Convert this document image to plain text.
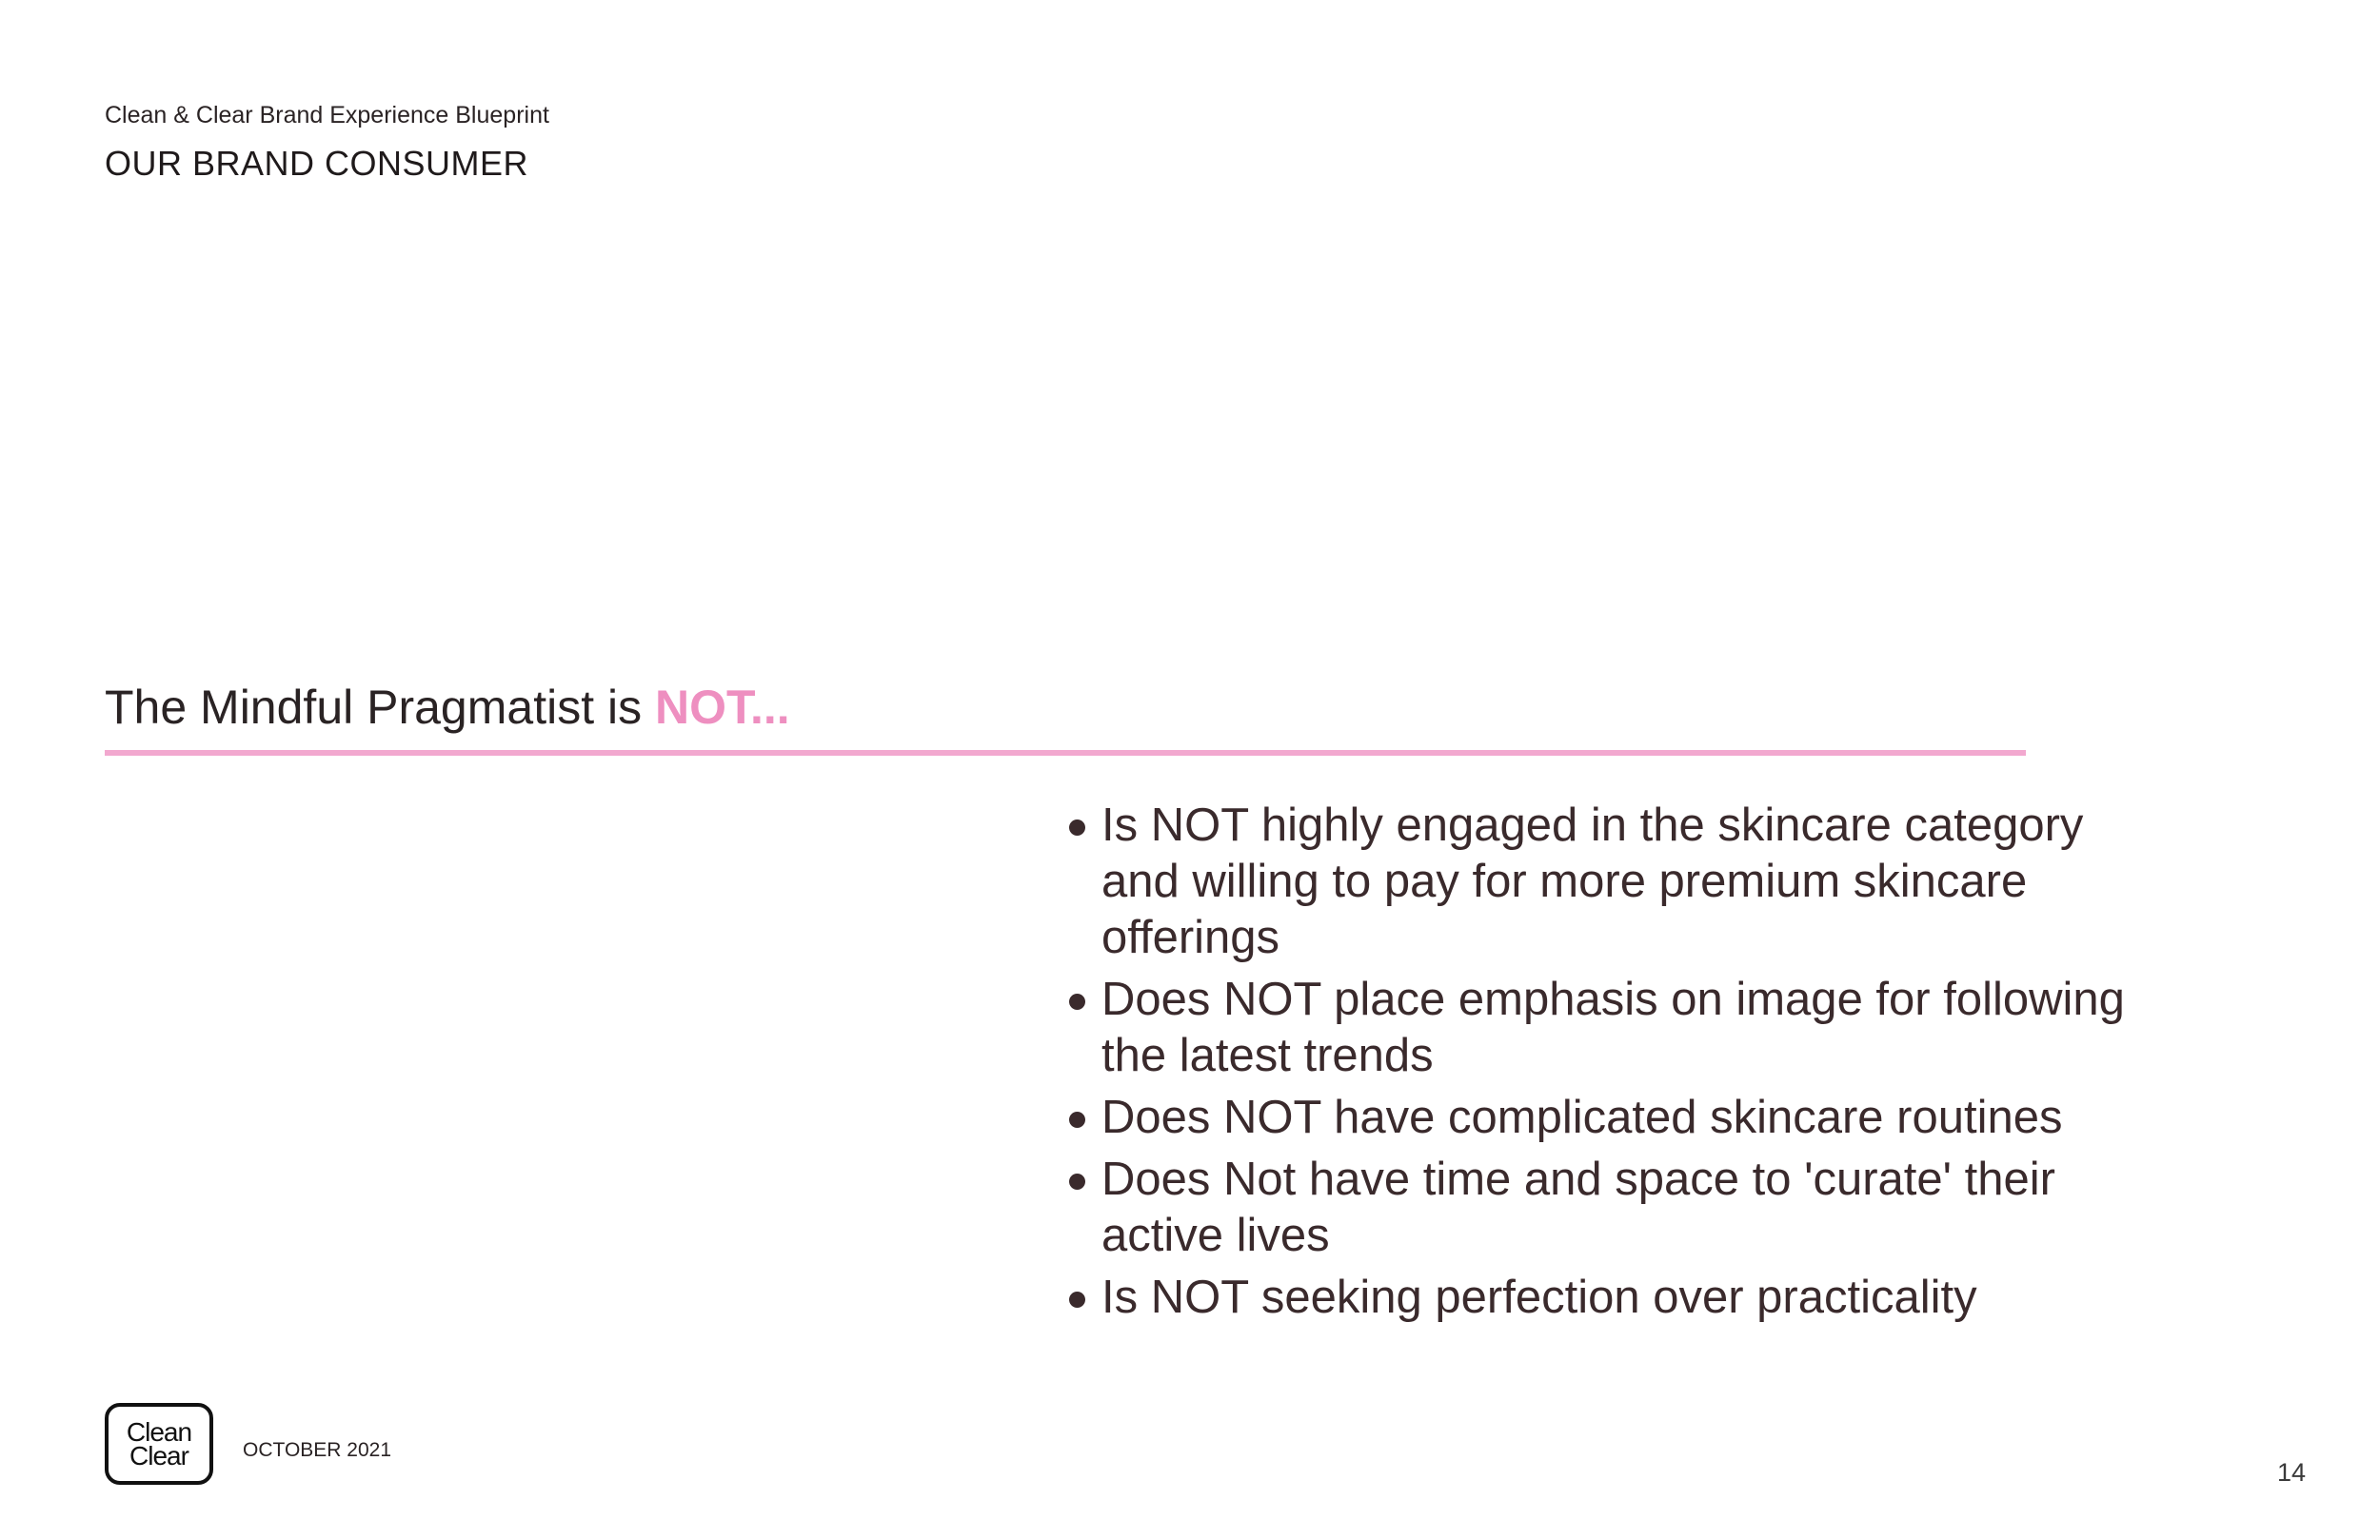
Clean & Clear Brand Experience Blueprint
OUR BRAND CONSUMER
The Mindful Pragmatist is NOT...
Is NOT highly engaged in the skincare category and willing to pay for more premium skincare offerings
Does NOT place emphasis on image for following the latest trends
Does NOT have complicated skincare routines
Does Not have time and space to 'curate' their active lives
Is NOT seeking perfection over practicality
Clean
Clear	OCTOBER 2021
14
